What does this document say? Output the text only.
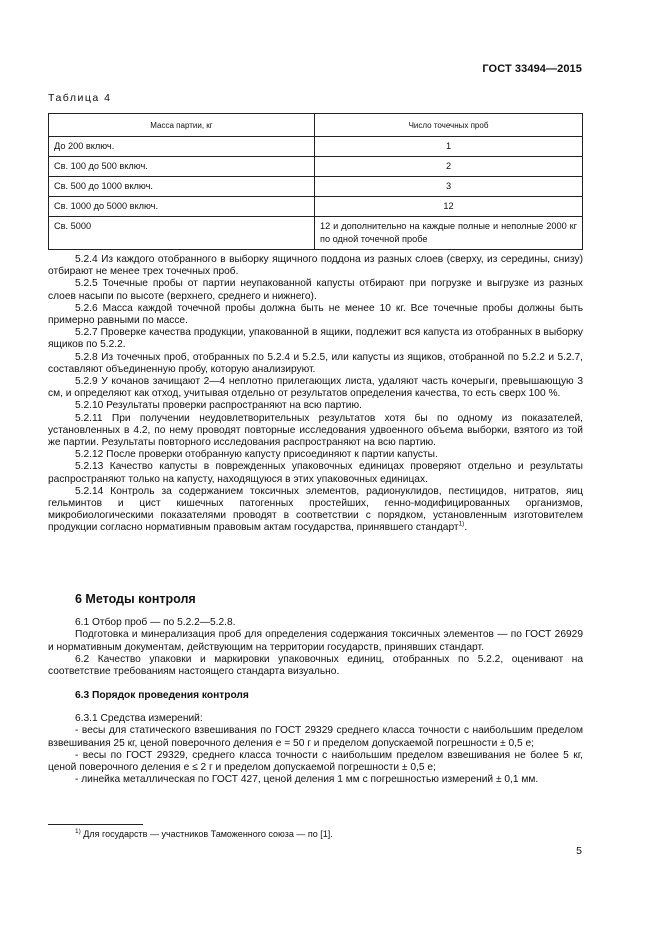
ГОСТ 33494—2015
Таблица 4
Масса партии, кг	Число точечных проб
До 200 включ.	1
Св. 100 до 500 включ.	2
Св. 500 до 1000 включ.	3
Св. 1000 до 5000 включ.	12
Св. 5000	12 и дополнительно на каждые полные и неполные 2000 кг по одной точечной пробе

5.2.4 Из каждого отобранного в выборку ящичного поддона из разных слоев (сверху, из середины, снизу) отбирают не менее трех точечных проб.

5.2.5 Точечные пробы от партии неупакованной капусты отбирают при погрузке и выгрузке из разных слоев насыпи по высоте (верхнего, среднего и нижнего).

5.2.6 Масса каждой точечной пробы должна быть не менее 10 кг. Все точечные пробы должны быть примерно равными по массе.

5.2.7 Проверке качества продукции, упакованной в ящики, подлежит вся капуста из отобранных в выборку ящиков по 5.2.2.

5.2.8 Из точечных проб, отобранных по 5.2.4 и 5.2.5, или капусты из ящиков, отобранной по 5.2.2 и 5.2.7, составляют объединенную пробу, которую анализируют.

5.2.9 У кочанов зачищают 2—4 неплотно прилегающих листа, удаляют часть кочерыги, превышающую 3 см, и определяют как отход, учитывая отдельно от результатов определения качества, то есть сверх 100 %.

5.2.10 Результаты проверки распространяют на всю партию.

5.2.11 При получении неудовлетворительных результатов хотя бы по одному из показателей, установленных в 4.2, по нему проводят повторные исследования удвоенного объема выборки, взятого из той же партии. Результаты повторного исследования распространяют на всю партию.

5.2.12 После проверки отобранную капусту присоединяют к партии капусты.

5.2.13 Качество капусты в поврежденных упаковочных единицах проверяют отдельно и результаты распространяют только на капусту, находящуюся в этих упаковочных единицах.

5.2.14 Контроль за содержанием токсичных элементов, радионуклидов, пестицидов, нитратов, яиц гельминтов и цист кишечных патогенных простейших, генно-модифицированных организмов, микробиологическими показателями проводят в соответствии с порядком, установленным изготовителем продукции согласно нормативным правовым актам государства, принявшего стандарт$^{1)}$.

6 Методы контроля

6.1 Отбор проб — по 5.2.2—5.2.8.

Подготовка и минерализация проб для определения содержания токсичных элементов — по ГОСТ 26929 и нормативным документам, действующим на территории государств, принявших стандарт.

6.2 Качество упаковки и маркировки упаковочных единиц, отобранных по 5.2.2, оценивают на соответствие требованиям настоящего стандарта визуально.

6.3 Порядок проведения контроля

6.3.1 Средства измерений:

- весы для статического взвешивания по ГОСТ 29329 среднего класса точности с наибольшим пределом взвешивания 25 кг, ценой поверочного деления е = 50 г и пределом допускаемой погрешности ± 0,5 е;

- весы по ГОСТ 29329, среднего класса точности с наибольшим пределом взвешивания не более 5 кг, ценой поверочного деления е ≤ 2 г и пределом допускаемой погрешности ± 0,5 е;

- линейка металлическая по ГОСТ 427, ценой деления 1 мм с погрешностью измерений ± 0,1 мм.

$^{1)}$ Для государств — участников Таможенного союза — по [1].
5
